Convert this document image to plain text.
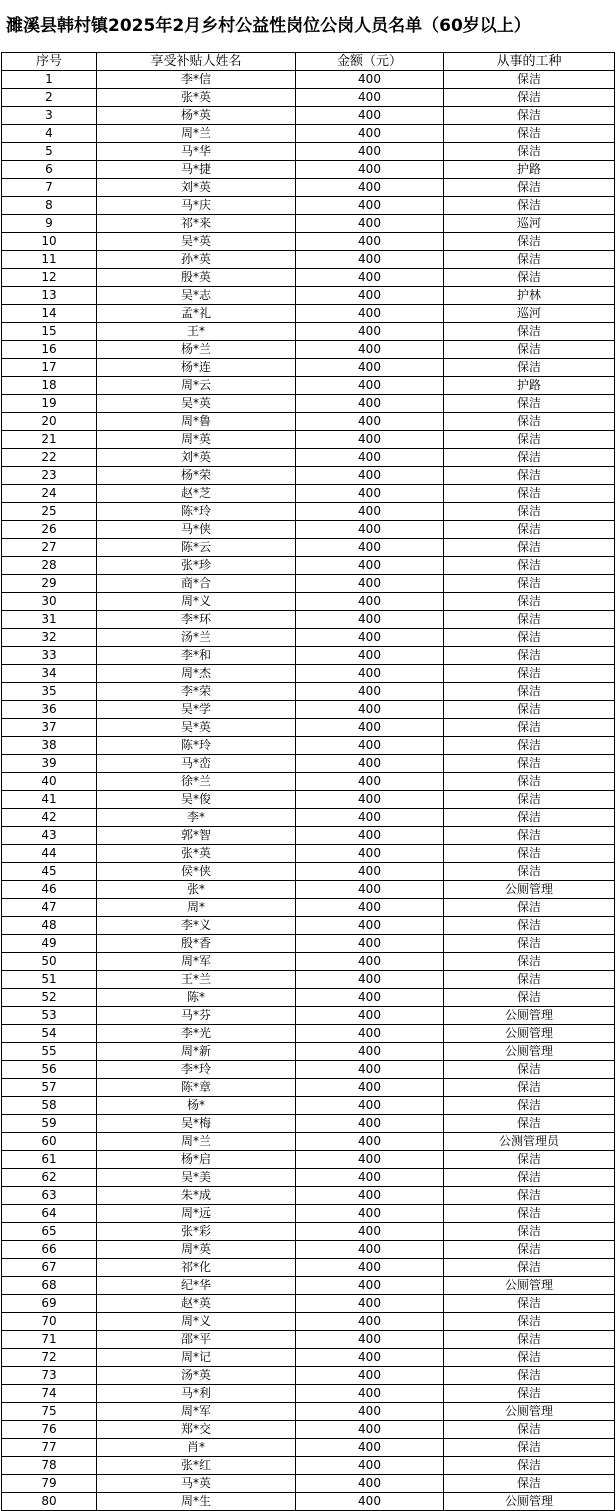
濉溪县韩村镇2025年2月乡村公益性岗位公岗人员名单（60岁以上）
序号	享受补贴人姓名	金额（元）	从事的工种
1	李*信	400	保洁
2	张*英	400	保洁
3	杨*英	400	保洁
4	周*兰	400	保洁
5	马*华	400	保洁
6	马*捷	400	护路
7	刘*英	400	保洁
8	马*庆	400	保洁
9	祁*来	400	巡河
10	吴*英	400	保洁
11	孙*英	400	保洁
12	殷*英	400	保洁
13	吴*志	400	护林
14	孟*礼	400	巡河
15	王*	400	保洁
16	杨*兰	400	保洁
17	杨*连	400	保洁
18	周*云	400	护路
19	吴*英	400	保洁
20	周*鲁	400	保洁
21	周*英	400	保洁
22	刘*英	400	保洁
23	杨*荣	400	保洁
24	赵*芝	400	保洁
25	陈*玲	400	保洁
26	马*侠	400	保洁
27	陈*云	400	保洁
28	张*珍	400	保洁
29	商*合	400	保洁
30	周*义	400	保洁
31	李*环	400	保洁
32	汤*兰	400	保洁
33	李*和	400	保洁
34	周*杰	400	保洁
35	李*荣	400	保洁
36	吴*学	400	保洁
37	吴*英	400	保洁
38	陈*玲	400	保洁
39	马*峦	400	保洁
40	徐*兰	400	保洁
41	吴*俊	400	保洁
42	李*	400	保洁
43	郭*智	400	保洁
44	张*英	400	保洁
45	侯*侠	400	保洁
46	张*	400	公厕管理
47	周*	400	保洁
48	李*义	400	保洁
49	殷*香	400	保洁
50	周*军	400	保洁
51	王*兰	400	保洁
52	陈*	400	保洁
53	马*芬	400	公厕管理
54	李*光	400	公厕管理
55	周*新	400	公厕管理
56	李*玲	400	保洁
57	陈*章	400	保洁
58	杨*	400	保洁
59	吴*梅	400	保洁
60	周*兰	400	公测管理员
61	杨*启	400	保洁
62	吴*美	400	保洁
63	朱*成	400	保洁
64	周*远	400	保洁
65	张*彩	400	保洁
66	周*英	400	保洁
67	祁*化	400	保洁
68	纪*华	400	公厕管理
69	赵*英	400	保洁
70	周*义	400	保洁
71	邵*平	400	保洁
72	周*记	400	保洁
73	汤*英	400	保洁
74	马*利	400	保洁
75	周*军	400	公厕管理
76	郑*交	400	保洁
77	肖*	400	保洁
78	张*红	400	保洁
79	马*英	400	保洁
80	周*生	400	公厕管理
